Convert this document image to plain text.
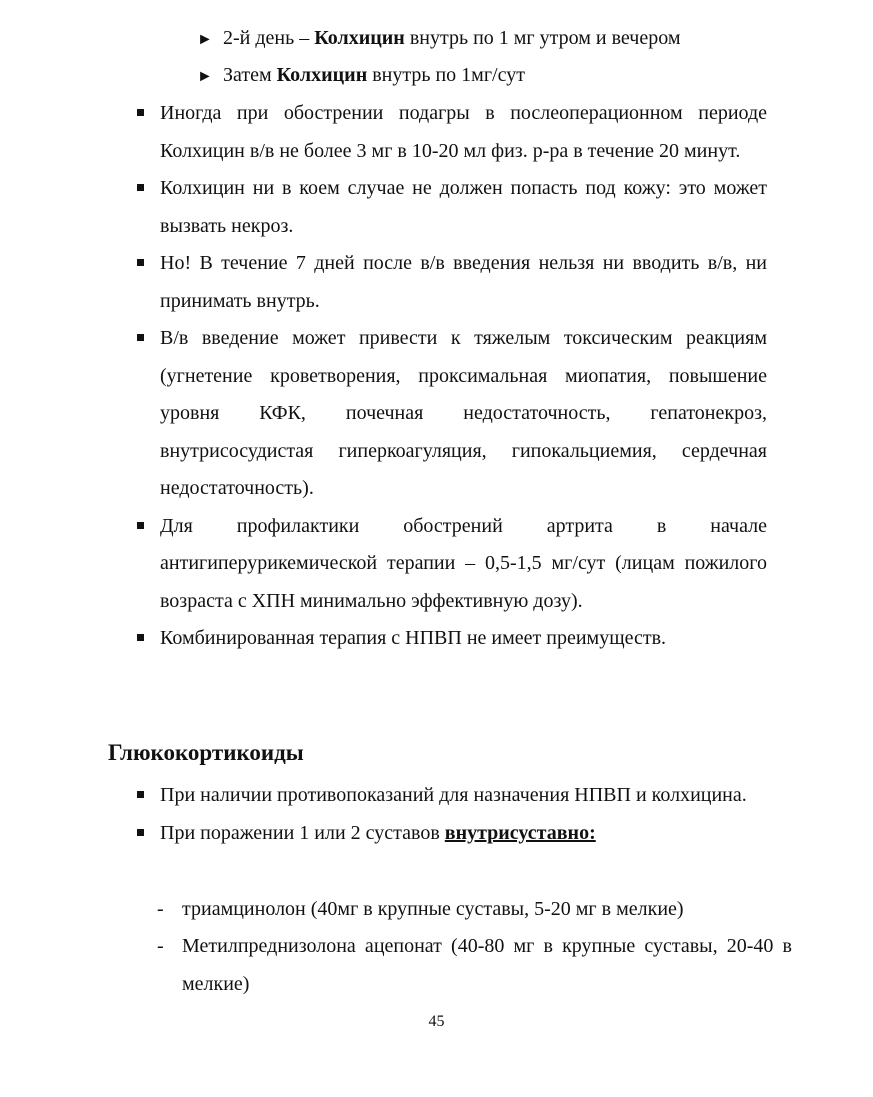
► 2-й день – Колхицин внутрь по 1 мг утром и вечером
► Затем Колхицин внутрь по 1мг/сут
Иногда при обострении подагры в послеоперационном периоде Колхицин в/в не более 3 мг в 10-20 мл физ. р-ра в течение 20 минут.
Колхицин ни в коем случае не должен попасть под кожу: это может вызвать некроз.
Но! В течение 7 дней после в/в введения нельзя ни вводить в/в, ни принимать внутрь.
В/в введение может привести к тяжелым токсическим реакциям (угнетение кроветворения, проксимальная миопатия, повышение уровня КФК, почечная недостаточность, гепатонекроз, внутрисосудистая гиперкоагуляция, гипокальциемия, сердечная недостаточность).
Для профилактики обострений артрита в начале антигиперурикемической терапии – 0,5-1,5 мг/сут (лицам пожилого возраста с ХПН минимально эффективную дозу).
Комбинированная терапия с НПВП не имеет преимуществ.
Глюкокортикоиды
При наличии противопоказаний для назначения НПВП и колхицина.
При поражении 1 или 2 суставов внутрисуставно:
- триамцинолон (40мг в крупные суставы, 5-20 мг в мелкие)
- Метилпреднизолона ацепонат (40-80 мг в крупные суставы, 20-40 в мелкие)
45
